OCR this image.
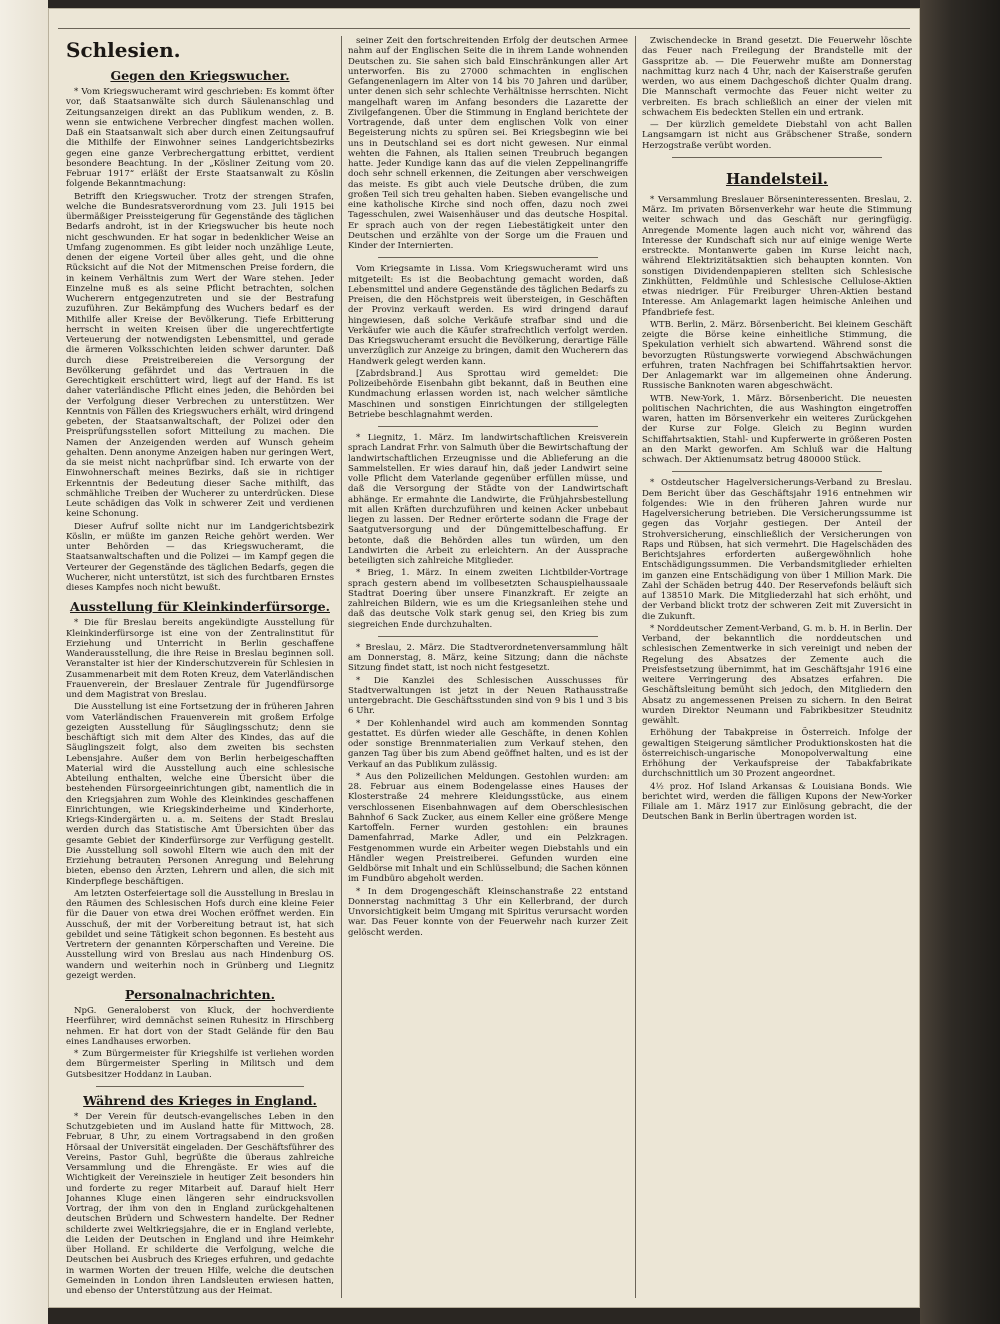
Schlesien.
Gegen den Kriegswucher.

* Vom Kriegswucheramt wird geschrieben: Es kommt öfter vor, daß Staatsanwälte sich durch Säulenanschlag und Zeitungsanzeigen direkt an das Publikum wenden, z. B. wenn sie entwichene Verbrecher dingfest machen wollen. Daß ein Staatsanwalt sich aber durch einen Zeitungsaufruf die Mithilfe der Einwohner seines Landgerichtsbezirks gegen eine ganze Verbrechergattung erbittet, verdient besondere Beachtung. In der „Kösliner Zeitung vom 20. Februar 1917“ erläßt der Erste Staatsanwalt zu Köslin folgende Bekanntmachung:

Betrifft den Kriegswucher. Trotz der strengen Strafen, welche die Bundesratsverordnung vom 23. Juli 1915 bei übermäßiger Preissteigerung für Gegenstände des täglichen Bedarfs androht, ist in der Kriegswucher bis heute noch nicht geschwunden. Er hat sogar in bedenklicher Weise an Umfang zugenommen. Es gibt leider noch unzählige Leute, denen der eigene Vorteil über alles geht, und die ohne Rücksicht auf die Not der Mitmenschen Preise fordern, die in keinem Verhältnis zum Wert der Ware stehen. Jeder Einzelne muß es als seine Pflicht betrachten, solchen Wucherern entgegenzutreten und sie der Bestrafung zuzuführen. Zur Bekämpfung des Wuchers bedarf es der Mithilfe aller Kreise der Bevölkerung. Tiefe Erbitterung herrscht in weiten Kreisen über die ungerechtfertigte Verteuerung der notwendigsten Lebensmittel, und gerade die ärmeren Volksschichten leiden schwer darunter. Daß durch diese Preistreibereien die Versorgung der Bevölkerung gefährdet und das Vertrauen in die Gerechtigkeit erschüttert wird, liegt auf der Hand. Es ist daher vaterländische Pflicht eines jeden, die Behörden bei der Verfolgung dieser Verbrechen zu unterstützen. Wer Kenntnis von Fällen des Kriegswuchers erhält, wird dringend gebeten, der Staatsanwaltschaft, der Polizei oder den Preisprüfungsstellen sofort Mitteilung zu machen. Die Namen der Anzeigenden werden auf Wunsch geheim gehalten. Denn anonyme Anzeigen haben nur geringen Wert, da sie meist nicht nachprüfbar sind. Ich erwarte von der Einwohnerschaft meines Bezirks, daß sie in richtiger Erkenntnis der Bedeutung dieser Sache mithilft, das schmähliche Treiben der Wucherer zu unterdrücken. Diese Leute schädigen das Volk in schwerer Zeit und verdienen keine Schonung.

Dieser Aufruf sollte nicht nur im Landgerichtsbezirk Köslin, er müßte im ganzen Reiche gehört werden. Wer unter Behörden — das Kriegswucheramt, die Staatsanwaltschaften und die Polizei — im Kampf gegen die Verteurer der Gegenstände des täglichen Bedarfs, gegen die Wucherer, nicht unterstützt, ist sich des furchtbaren Ernstes dieses Kampfes noch nicht bewußt.

Ausstellung für Kleinkinderfürsorge.

* Die für Breslau bereits angekündigte Ausstellung für Kleinkinderfürsorge ist eine von der Zentralinstitut für Erziehung und Unterricht in Berlin geschaffene Wanderausstellung, die ihre Reise in Breslau beginnen soll. Veranstalter ist hier der Kinderschutzverein für Schlesien in Zusammenarbeit mit dem Roten Kreuz, dem Vaterländischen Frauenverein, der Breslauer Zentrale für Jugendfürsorge und dem Magistrat von Breslau.

Die Ausstellung ist eine Fortsetzung der in früheren Jahren vom Vaterländischen Frauenverein mit großem Erfolge gezeigten Ausstellung für Säuglingsschutz; denn sie beschäftigt sich mit dem Alter des Kindes, das auf die Säuglingszeit folgt, also dem zweiten bis sechsten Lebensjahre. Außer dem von Berlin herbeigeschafften Material wird die Ausstellung auch eine schlesische Abteilung enthalten, welche eine Übersicht über die bestehenden Fürsorgeeinrichtungen gibt, namentlich die in den Kriegsjahren zum Wohle des Kleinkindes geschaffenen Einrichtungen, wie Kriegskinderheime und Kinderhorte, Kriegs-Kindergärten u. a. m. Seitens der Stadt Breslau werden durch das Statistische Amt Übersichten über das gesamte Gebiet der Kinderfürsorge zur Verfügung gestellt. Die Ausstellung soll sowohl Eltern wie auch den mit der Erziehung betrauten Personen Anregung und Belehrung bieten, ebenso den Ärzten, Lehrern und allen, die sich mit Kinderpflege beschäftigen.

Am letzten Osterfeiertage soll die Ausstellung in Breslau in den Räumen des Schlesischen Hofs durch eine kleine Feier für die Dauer von etwa drei Wochen eröffnet werden. Ein Ausschuß, der mit der Vorbereitung betraut ist, hat sich gebildet und seine Tätigkeit schon begonnen. Es besteht aus Vertretern der genannten Körperschaften und Vereine. Die Ausstellung wird von Breslau aus nach Hindenburg OS. wandern und weiterhin noch in Grünberg und Liegnitz gezeigt werden.

Personalnachrichten.

NpG. Generaloberst von Kluck, der hochverdiente Heerführer, wird demnächst seinen Ruhesitz in Hirschberg nehmen. Er hat dort von der Stadt Gelände für den Bau eines Landhauses erworben.

* Zum Bürgermeister für Kriegshilfe ist verliehen worden dem Bürgermeister Sperling in Militsch und dem Gutsbesitzer Hoddanz in Lauban.

Während des Krieges in England.

* Der Verein für deutsch-evangelisches Leben in den Schutzgebieten und im Ausland hatte für Mittwoch, 28. Februar, 8 Uhr, zu einem Vortragsabend in den großen Hörsaal der Universität eingeladen. Der Geschäftsführer des Vereins, Pastor Guhl, begrüßte die überaus zahlreiche Versammlung und die Ehrengäste. Er wies auf die Wichtigkeit der Vereinsziele in heutiger Zeit besonders hin und forderte zu reger Mitarbeit auf. Darauf hielt Herr Johannes Kluge einen längeren sehr eindrucksvollen Vortrag, der ihm von den in England zurückgehaltenen deutschen Brüdern und Schwestern handelte. Der Redner schilderte zwei Weltkriegsjahre, die er in England verlebte, die Leiden der Deutschen in England und ihre Heimkehr über Holland. Er schilderte die Verfolgung, welche die Deutschen bei Ausbruch des Krieges erfuhren, und gedachte in warmen Worten der treuen Hilfe, welche die deutschen Gemeinden in London ihren Landsleuten erwiesen hatten, und ebenso der Unterstützung aus der Heimat.

seiner Zeit den fortschreitenden Erfolg der deutschen Armee nahm auf der Englischen Seite die in ihrem Lande wohnenden Deutschen zu. Sie sahen sich bald Einschränkungen aller Art unterworfen. Bis zu 27000 schmachten in englischen Gefangenenlagern im Alter von 14 bis 70 Jahren und darüber, unter denen sich sehr schlechte Verhältnisse herrschten. Nicht mangelhaft waren im Anfang besonders die Lazarette der Zivilgefangenen. Über die Stimmung in England berichtete der Vortragende, daß unter dem englischen Volk von einer Begeisterung nichts zu spüren sei. Bei Kriegsbeginn wie bei uns in Deutschland sei es dort nicht gewesen. Nur einmal wehten die Fahnen, als Italien seinen Treubruch begangen hatte. Jeder Kundige kann das auf die vielen Zeppelinangriffe doch sehr schnell erkennen, die Zeitungen aber verschweigen das meiste. Es gibt auch viele Deutsche drüben, die zum großen Teil sich treu gehalten haben. Sieben evangelische und eine katholische Kirche sind noch offen, dazu noch zwei Tagesschulen, zwei Waisenhäuser und das deutsche Hospital. Er sprach auch von der regen Liebestätigkeit unter den Deutschen und erzählte von der Sorge um die Frauen und Kinder der Internierten.

Vom Kriegsamte in Lissa. Vom Kriegswucheramt wird uns mitgeteilt: Es ist die Beobachtung gemacht worden, daß Lebensmittel und andere Gegenstände des täglichen Bedarfs zu Preisen, die den Höchstpreis weit übersteigen, in Geschäften der Provinz verkauft werden. Es wird dringend darauf hingewiesen, daß solche Verkäufe strafbar sind und die Verkäufer wie auch die Käufer strafrechtlich verfolgt werden. Das Kriegswucheramt ersucht die Bevölkerung, derartige Fälle unverzüglich zur Anzeige zu bringen, damit den Wucherern das Handwerk gelegt werden kann.

[Zabrdsbrand.] Aus Sprottau wird gemeldet: Die Polizeibehörde Eisenbahn gibt bekannt, daß in Beuthen eine Kundmachung erlassen worden ist, nach welcher sämtliche Maschinen und sonstigen Einrichtungen der stillgelegten Betriebe beschlagnahmt werden.

* Liegnitz, 1. März. Im landwirtschaftlichen Kreisverein sprach Landrat Frhr. von Salmuth über die Bewirtschaftung der landwirtschaftlichen Erzeugnisse und die Ablieferung an die Sammelstellen. Er wies darauf hin, daß jeder Landwirt seine volle Pflicht dem Vaterlande gegenüber erfüllen müsse, und daß die Versorgung der Städte von der Landwirtschaft abhänge. Er ermahnte die Landwirte, die Frühjahrsbestellung mit allen Kräften durchzuführen und keinen Acker unbebaut liegen zu lassen. Der Redner erörterte sodann die Frage der Saatgutversorgung und der Düngemittelbeschaffung. Er betonte, daß die Behörden alles tun würden, um den Landwirten die Arbeit zu erleichtern. An der Aussprache beteiligten sich zahlreiche Mitglieder.

* Brieg, 1. März. In einem zweiten Lichtbilder-Vortrage sprach gestern abend im vollbesetzten Schauspielhaussaale Stadtrat Doering über unsere Finanzkraft. Er zeigte an zahlreichen Bildern, wie es um die Kriegsanleihen stehe und daß das deutsche Volk stark genug sei, den Krieg bis zum siegreichen Ende durchzuhalten.

* Breslau, 2. März. Die Stadtverordnetenversammlung hält am Donnerstag, 8. März, keine Sitzung; dann die nächste Sitzung findet statt, ist noch nicht festgesetzt.

* Die Kanzlei des Schlesischen Ausschusses für Stadtverwaltungen ist jetzt in der Neuen Rathausstraße untergebracht. Die Geschäftsstunden sind von 9 bis 1 und 3 bis 6 Uhr.

* Der Kohlenhandel wird auch am kommenden Sonntag gestattet. Es dürfen wieder alle Geschäfte, in denen Kohlen oder sonstige Brennmaterialien zum Verkauf stehen, den ganzen Tag über bis zum Abend geöffnet halten, und es ist der Verkauf an das Publikum zulässig.

* Aus den Polizeilichen Meldungen. Gestohlen wurden: am 28. Februar aus einem Bodengelasse eines Hauses der Klosterstraße 24 mehrere Kleidungsstücke, aus einem verschlossenen Eisenbahnwagen auf dem Oberschlesischen Bahnhof 6 Sack Zucker, aus einem Keller eine größere Menge Kartoffeln. Ferner wurden gestohlen: ein braunes Damenfahrrad, Marke Adler, und ein Pelzkragen. Festgenommen wurde ein Arbeiter wegen Diebstahls und ein Händler wegen Preistreiberei. Gefunden wurden eine Geldbörse mit Inhalt und ein Schlüsselbund; die Sachen können im Fundbüro abgeholt werden.

* In dem Drogengeschäft Kleinschanstraße 22 entstand Donnerstag nachmittag 3 Uhr ein Kellerbrand, der durch Unvorsichtigkeit beim Umgang mit Spiritus verursacht worden war. Das Feuer konnte von der Feuerwehr nach kurzer Zeit gelöscht werden.

Zwischendecke in Brand gesetzt. Die Feuerwehr löschte das Feuer nach Freilegung der Brandstelle mit der Gasspritze ab. — Die Feuerwehr mußte am Donnerstag nachmittag kurz nach 4 Uhr, nach der Kaiserstraße gerufen werden, wo aus einem Dachgeschoß dichter Qualm drang. Die Mannschaft vermochte das Feuer nicht weiter zu verbreiten. Es brach schließlich an einer der vielen mit schwachem Eis bedeckten Stellen ein und ertrank.

— Der kürzlich gemeldete Diebstahl von acht Ballen Langsamgarn ist nicht aus Gräbschener Straße, sondern Herzogstraße verübt worden.

Handelsteil.

* Versammlung Breslauer Börseninteressenten. Breslau, 2. März. Im privaten Börsenverkehr war heute die Stimmung weiter schwach und das Geschäft nur geringfügig. Anregende Momente lagen auch nicht vor, während das Interesse der Kundschaft sich nur auf einige wenige Werte erstreckte. Montanwerte gaben im Kurse leicht nach, während Elektrizitätsaktien sich behaupten konnten. Von sonstigen Dividendenpapieren stellten sich Schlesische Zinkhütten, Feldmühle und Schlesische Cellulose-Aktien etwas niedriger. Für Freiburger Uhren-Aktien bestand Interesse. Am Anlagemarkt lagen heimische Anleihen und Pfandbriefe fest.

WTB. Berlin, 2. März. Börsenbericht. Bei kleinem Geschäft zeigte die Börse keine einheitliche Stimmung, die Spekulation verhielt sich abwartend. Während sonst die bevorzugten Rüstungswerte vorwiegend Abschwächungen erfuhren, traten Nachfragen bei Schiffahrtsaktien hervor. Der Anlagemarkt war im allgemeinen ohne Änderung. Russische Banknoten waren abgeschwächt.

WTB. New-York, 1. März. Börsenbericht. Die neuesten politischen Nachrichten, die aus Washington eingetroffen waren, hatten im Börsenverkehr ein weiteres Zurückgehen der Kurse zur Folge. Gleich zu Beginn wurden Schiffahrtsaktien, Stahl- und Kupferwerte in größeren Posten an den Markt geworfen. Am Schluß war die Haltung schwach. Der Aktienumsatz betrug 480000 Stück.

* Ostdeutscher Hagelversicherungs-Verband zu Breslau. Dem Bericht über das Geschäftsjahr 1916 entnehmen wir folgendes: Wie in den früheren Jahren wurde nur Hagelversicherung betrieben. Die Versicherungssumme ist gegen das Vorjahr gestiegen. Der Anteil der Strohversicherung, einschließlich der Versicherungen von Raps und Rübsen, hat sich vermehrt. Die Hagelschäden des Berichtsjahres erforderten außergewöhnlich hohe Entschädigungssummen. Die Verbandsmitglieder erhielten im ganzen eine Entschädigung von über 1 Million Mark. Die Zahl der Schäden betrug 440. Der Reservefonds beläuft sich auf 138510 Mark. Die Mitgliederzahl hat sich erhöht, und der Verband blickt trotz der schweren Zeit mit Zuversicht in die Zukunft.

* Norddeutscher Zement-Verband, G. m. b. H. in Berlin. Der Verband, der bekanntlich die norddeutschen und schlesischen Zementwerke in sich vereinigt und neben der Regelung des Absatzes der Zemente auch die Preisfestsetzung übernimmt, hat im Geschäftsjahr 1916 eine weitere Verringerung des Absatzes erfahren. Die Geschäftsleitung bemüht sich jedoch, den Mitgliedern den Absatz zu angemessenen Preisen zu sichern. In den Beirat wurden Direktor Neumann und Fabrikbesitzer Steudnitz gewählt.

Erhöhung der Tabakpreise in Österreich. Infolge der gewaltigen Steigerung sämtlicher Produktionskosten hat die österreichisch-ungarische Monopolverwaltung eine Erhöhung der Verkaufspreise der Tabakfabrikate durchschnittlich um 30 Prozent angeordnet.

4½ proz. Hof Island Arkansas & Louisiana Bonds. Wie berichtet wird, werden die fälligen Kupons der New-Yorker Filiale am 1. März 1917 zur Einlösung gebracht, die der Deutschen Bank in Berlin übertragen worden ist.
